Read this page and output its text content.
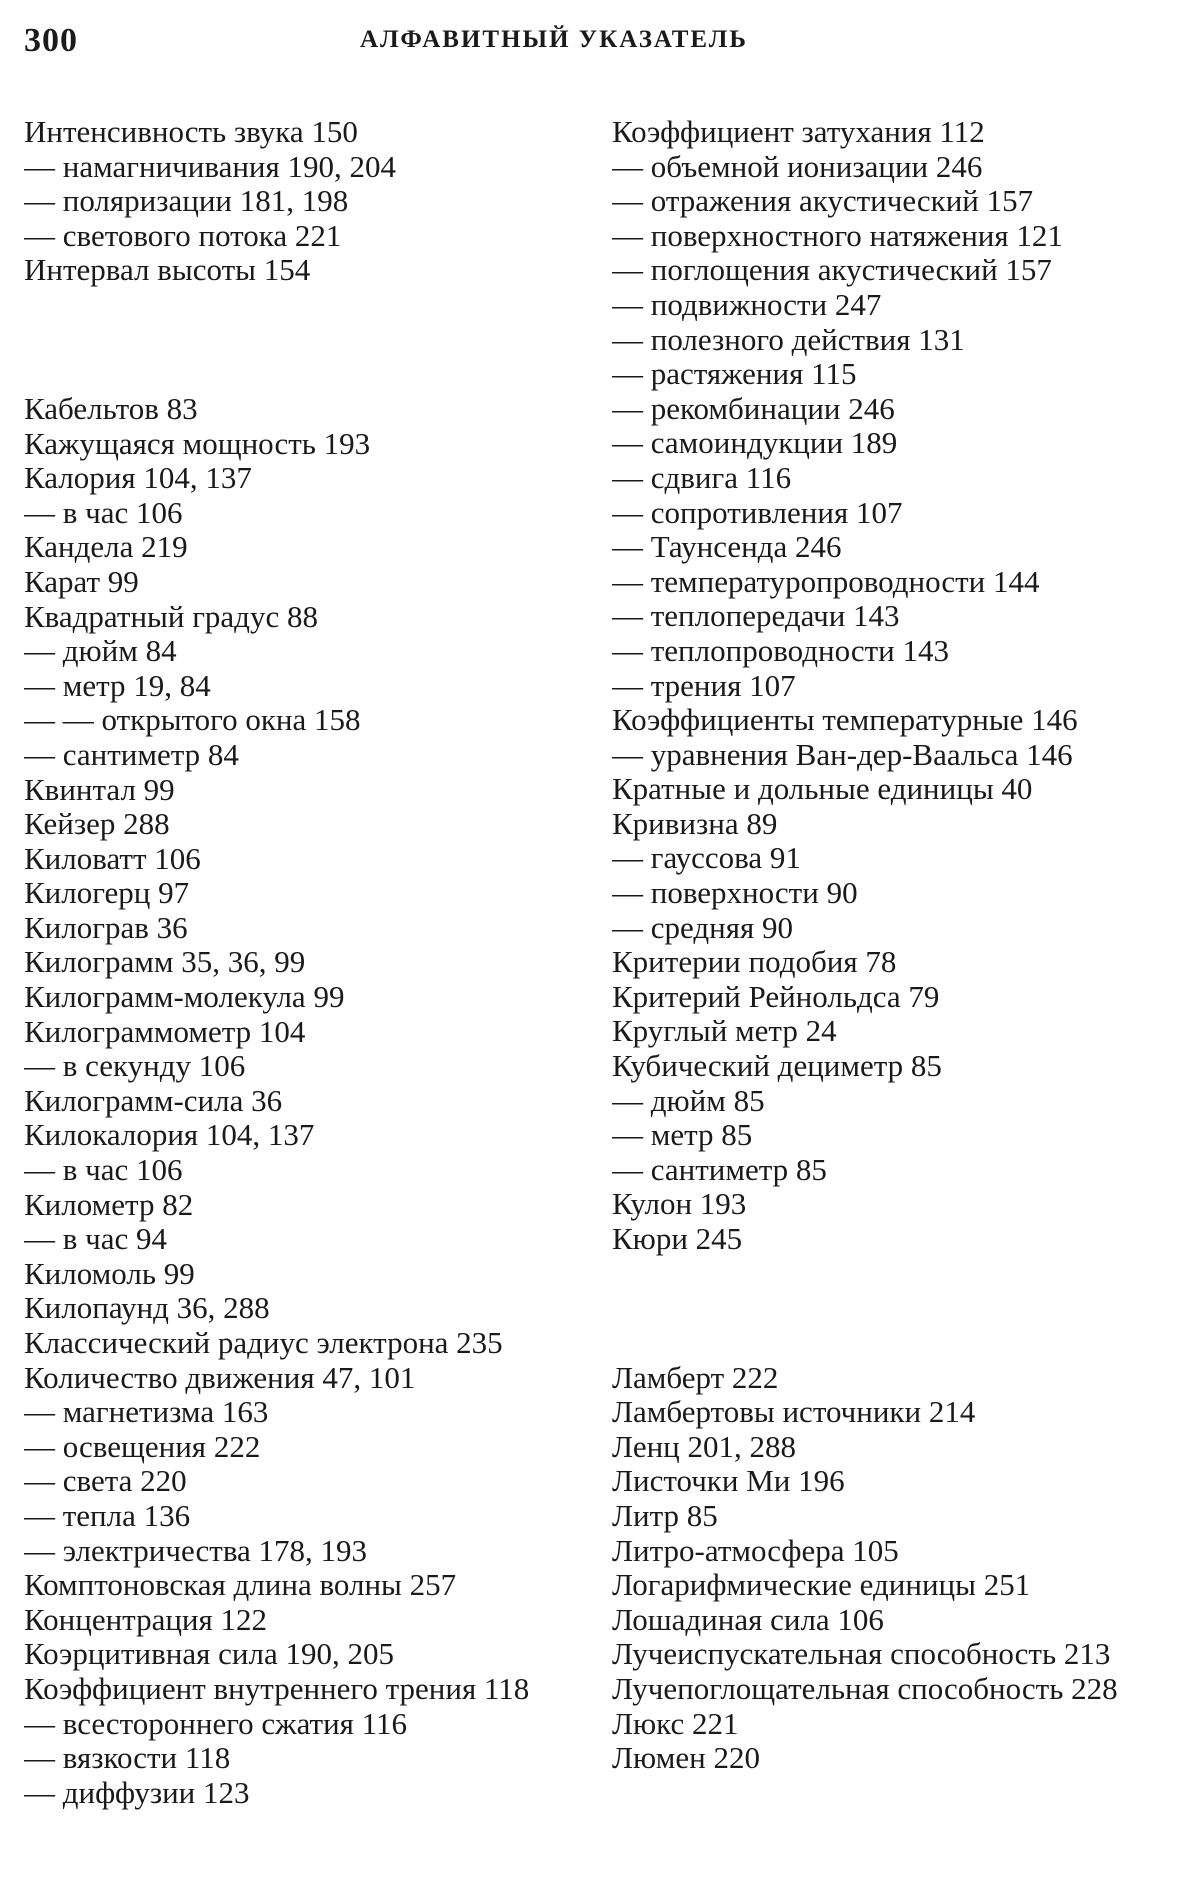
300	АЛФАВИТНЫЙ УКАЗАТЕЛЬ
Интенсивность звука 150
— намагничивания 190, 204
— поляризации 181, 198
— светового потока 221
Интервал высоты 154
Кабельтов 83
Кажущаяся мощность 193
Калория 104, 137
— в час 106
Кандела 219
Карат 99
Квадратный градус 88
— дюйм 84
— метр 19, 84
— — открытого окна 158
— сантиметр 84
Квинтал 99
Кейзер 288
Киловатт 106
Килогерц 97
Килограв 36
Килограмм 35, 36, 99
Килограмм-молекула 99
Килограммометр 104
— в секунду 106
Килограмм-сила 36
Килокалория 104, 137
— в час 106
Километр 82
— в час 94
Киломоль 99
Килопаунд 36, 288
Классический радиус электрона 235
Количество движения 47, 101
— магнетизма 163
— освещения 222
— света 220
— тепла 136
— электричества 178, 193
Комптоновская длина волны 257
Концентрация 122
Коэрцитивная сила 190, 205
Коэффициент внутреннего трения 118
— всестороннего сжатия 116
— вязкости 118
— диффузии 123
Коэффициент затухания 112
— объемной ионизации 246
— отражения акустический 157
— поверхностного натяжения 121
— поглощения акустический 157
— подвижности 247
— полезного действия 131
— растяжения 115
— рекомбинации 246
— самоиндукции 189
— сдвига 116
— сопротивления 107
— Таунсенда 246
— температуропроводности 144
— теплопередачи 143
— теплопроводности 143
— трения 107
Коэффициенты температурные 146
— уравнения Ван-дер-Ваальса 146
Кратные и дольные единицы 40
Кривизна 89
— гауссова 91
— поверхности 90
— средняя 90
Критерии подобия 78
Критерий Рейнольдса 79
Круглый метр 24
Кубический дециметр 85
— дюйм 85
— метр 85
— сантиметр 85
Кулон 193
Кюри 245
Ламберт 222
Ламбертовы источники 214
Ленц 201, 288
Листочки Ми 196
Литр 85
Литро-атмосфера 105
Логарифмические единицы 251
Лошадиная сила 106
Лучеиспускательная способность 213
Лучепоглощательная способность 228
Люкс 221
Люмен 220
